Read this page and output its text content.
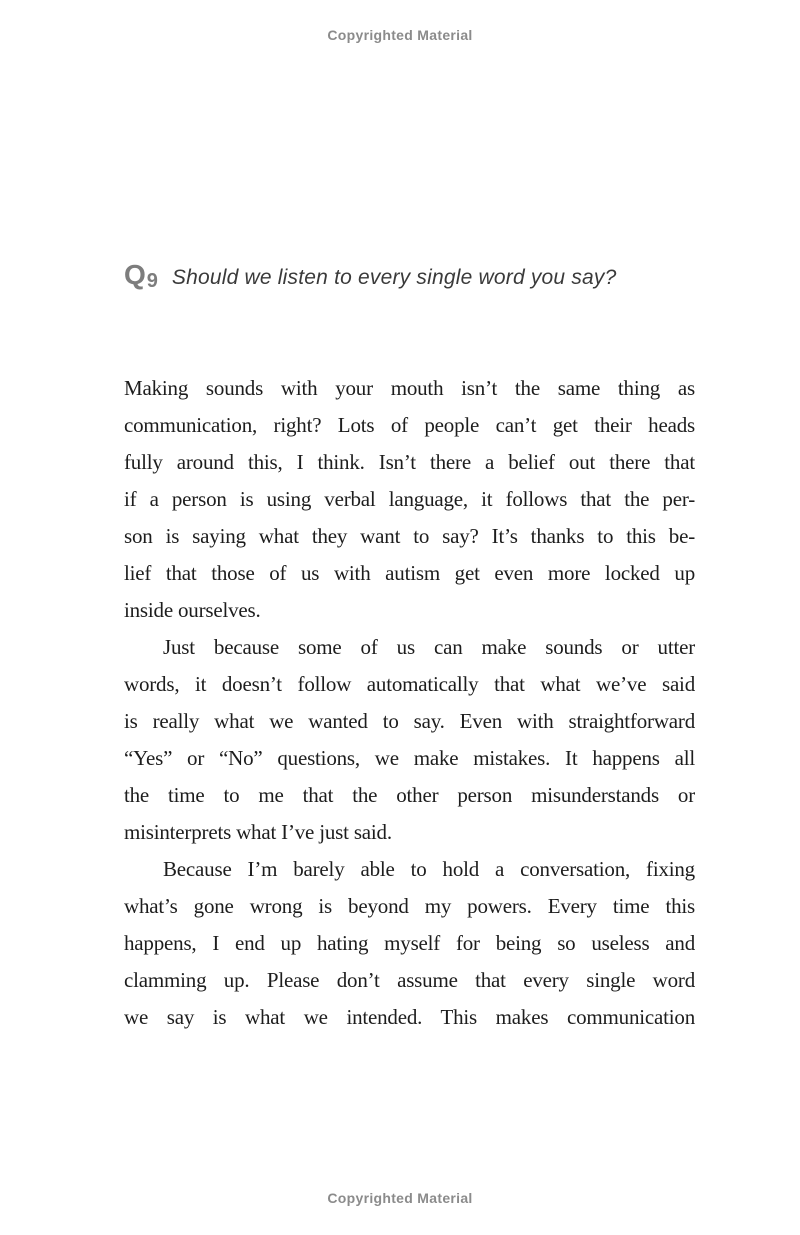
Copyrighted Material
Q9 Should we listen to every single word you say?
Making sounds with your mouth isn’t the same thing as
communication, right? Lots of people can’t get their heads
fully around this, I think. Isn’t there a belief out there that
if a person is using verbal language, it follows that the per-
son is saying what they want to say? It’s thanks to this be-
lief that those of us with autism get even more locked up
inside ourselves.
Just because some of us can make sounds or utter
words, it doesn’t follow automatically that what we’ve said
is really what we wanted to say. Even with straightforward
“Yes” or “No” questions, we make mistakes. It happens all
the time to me that the other person misunderstands or
misinterprets what I’ve just said.
Because I’m barely able to hold a conversation, fixing
what’s gone wrong is beyond my powers. Every time this
happens, I end up hating myself for being so useless and
clamming up. Please don’t assume that every single word
we say is what we intended. This makes communication
Copyrighted Material
